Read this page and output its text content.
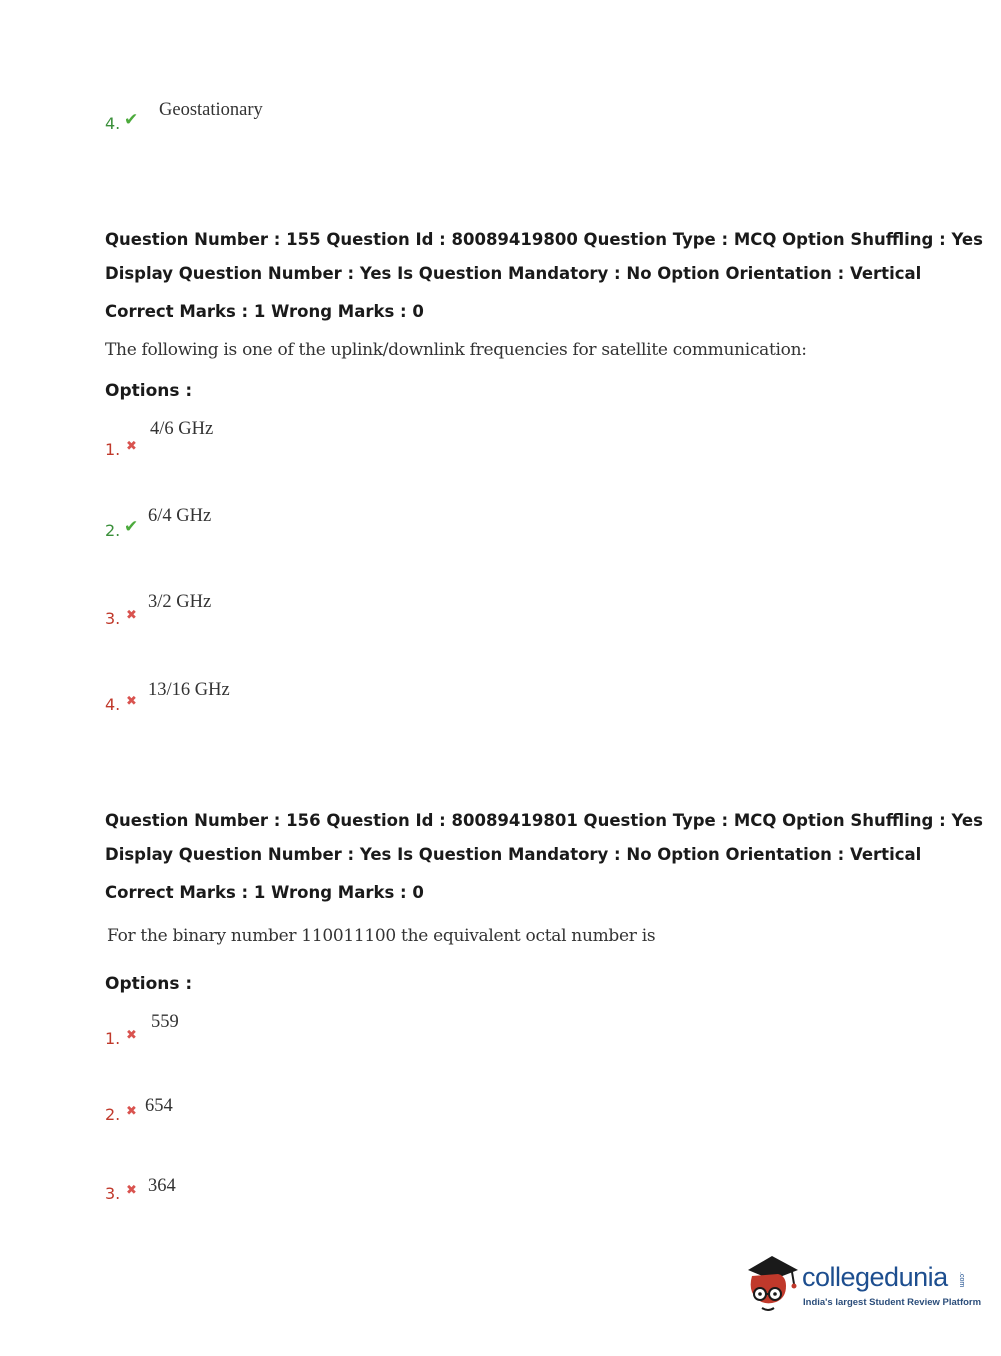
4. ✔ Geostationary
Question Number : 155 Question Id : 80089419800 Question Type : MCQ Option Shuffling : Yes
Display Question Number : Yes Is Question Mandatory : No Option Orientation : Vertical
Correct Marks : 1 Wrong Marks : 0
The following is one of the uplink/downlink frequencies for satellite communication:
Options :
1. ✖
4/6 GHz
2. ✔
6/4 GHz
3. ✖
3/2 GHz
4. ✖
13/16 GHz
Question Number : 156 Question Id : 80089419801 Question Type : MCQ Option Shuffling : Yes
Display Question Number : Yes Is Question Mandatory : No Option Orientation : Vertical
Correct Marks : 1 Wrong Marks : 0
For the binary number 110011100 the equivalent octal number is
Options :
1. ✖
559
2. ✖ 654
3. ✖ 364
collegedunia .com
India's largest Student Review Platform
